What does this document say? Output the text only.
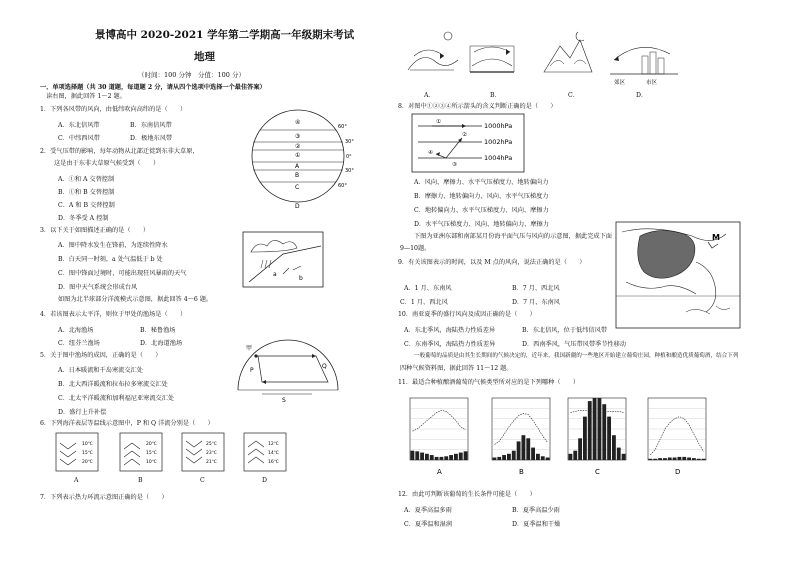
景博高中 2020-2021 学年第二学期高一年级期末考试
地理
（时间：100 分钟　分值：100 分）
一、单项选择题（共 30 道题，每道题 2 分，请从四个选项中选择一个最佳答案）
读右图，据此回答 1～2 题。
1．下列各风带的风向，由低纬吹向高纬的是（　　）
A．东北信风带	B．东南信风带
C．中纬西风带	D．极地东风带
2．受气压带的影响，每年动物从北部迁徙到东非大草原，
这是由于东非大草原气候受到（　　）
A．①和 A 交替控制
B．①和 B 交替控制
C．A 和 B 交替控制
D．冬季受 A 控制
④
③
②
①
A
B
C
D
60°
30°
0°
30°
60°
3．以下关于如图描述正确的是（　　）
A．图中降水发生在锋前，为连续性降水
B．白天同一时刻，a 处气温低于 b 处
C．图中锋面过境时，可能出现狂风暴雨的天气
D．图中天气系统会形成台风
如图为北半球部分洋流模式示意图，据此回答 4～6 题。
a
b
4．若该图表示太平洋，则位于甲处的渔场是（　　）
A．北海渔场	B．秘鲁渔场
C．纽芬兰渔场	D．北海道渔场
5．关于图中渔场的成因，正确的是（　　）
A．日本暖流和千岛寒流交汇处
B．北大西洋暖流和拉布拉多寒流交汇处
C．北太平洋暖流和加利福尼亚寒流交汇处
D．盛行上升补偿
甲
P
Q
S
6．下列海洋表层等温线示意图中，P 和 Q 洋流分别是（　　）
10℃
15℃
20℃
20℃
15℃
10℃
25℃
23℃
21℃
12℃
14℃
16℃
A	B	C	D
7．下列表示热力环流示意图正确的是（　　）
郊区	市区
A．	B．	C．	D．
8．对图中①②③④所示箭头的含义判断正确的是（　　）
1000hPa
1002hPa
1004hPa
①
②
③
④
A．风向、摩擦力、水平气压梯度力、地转偏向力
B．摩擦力、地转偏向力、风向、水平气压梯度力
C．地转偏向力、水平气压梯度力、风向、摩擦力
D．水平气压梯度力、风向、地转偏向力、摩擦力
下图为亚洲东部和南部某月份海平面气压与风向的示意图，据此完成下面
9—10题。
M
9．有关该图表示的时间，以及 M 点的风向，说法正确的是（　　）
A．1 月、东南风	B．7 月、西北风
C．1 月、西北风	D．7 月、东南风
10．南亚夏季的盛行风向及成因正确的是（　　）
A．东北季风，海陆热力性质差异	B．东北信风，位于低纬信风带
C．东南季风，海陆热力性质差异	D．西南季风，气压带风带季节性移动
一般葡萄的品质是由其生长期间的气候决定的，近年来，我国新疆的一些地区开始建立葡萄庄园，种植和酿造优质葡萄酒，结合下列
四种气候资料图，据此回答 11～12 题。
11．最适合种植酿酒葡萄的气候类型所对应的是下列哪种（　　）
A	B	C	D
12．由此可判断该葡萄的生长条件可能是（　　）
A．夏季高温多雨	B．夏季高温少雨
C．夏季温和湿润	D．夏季温和干燥
